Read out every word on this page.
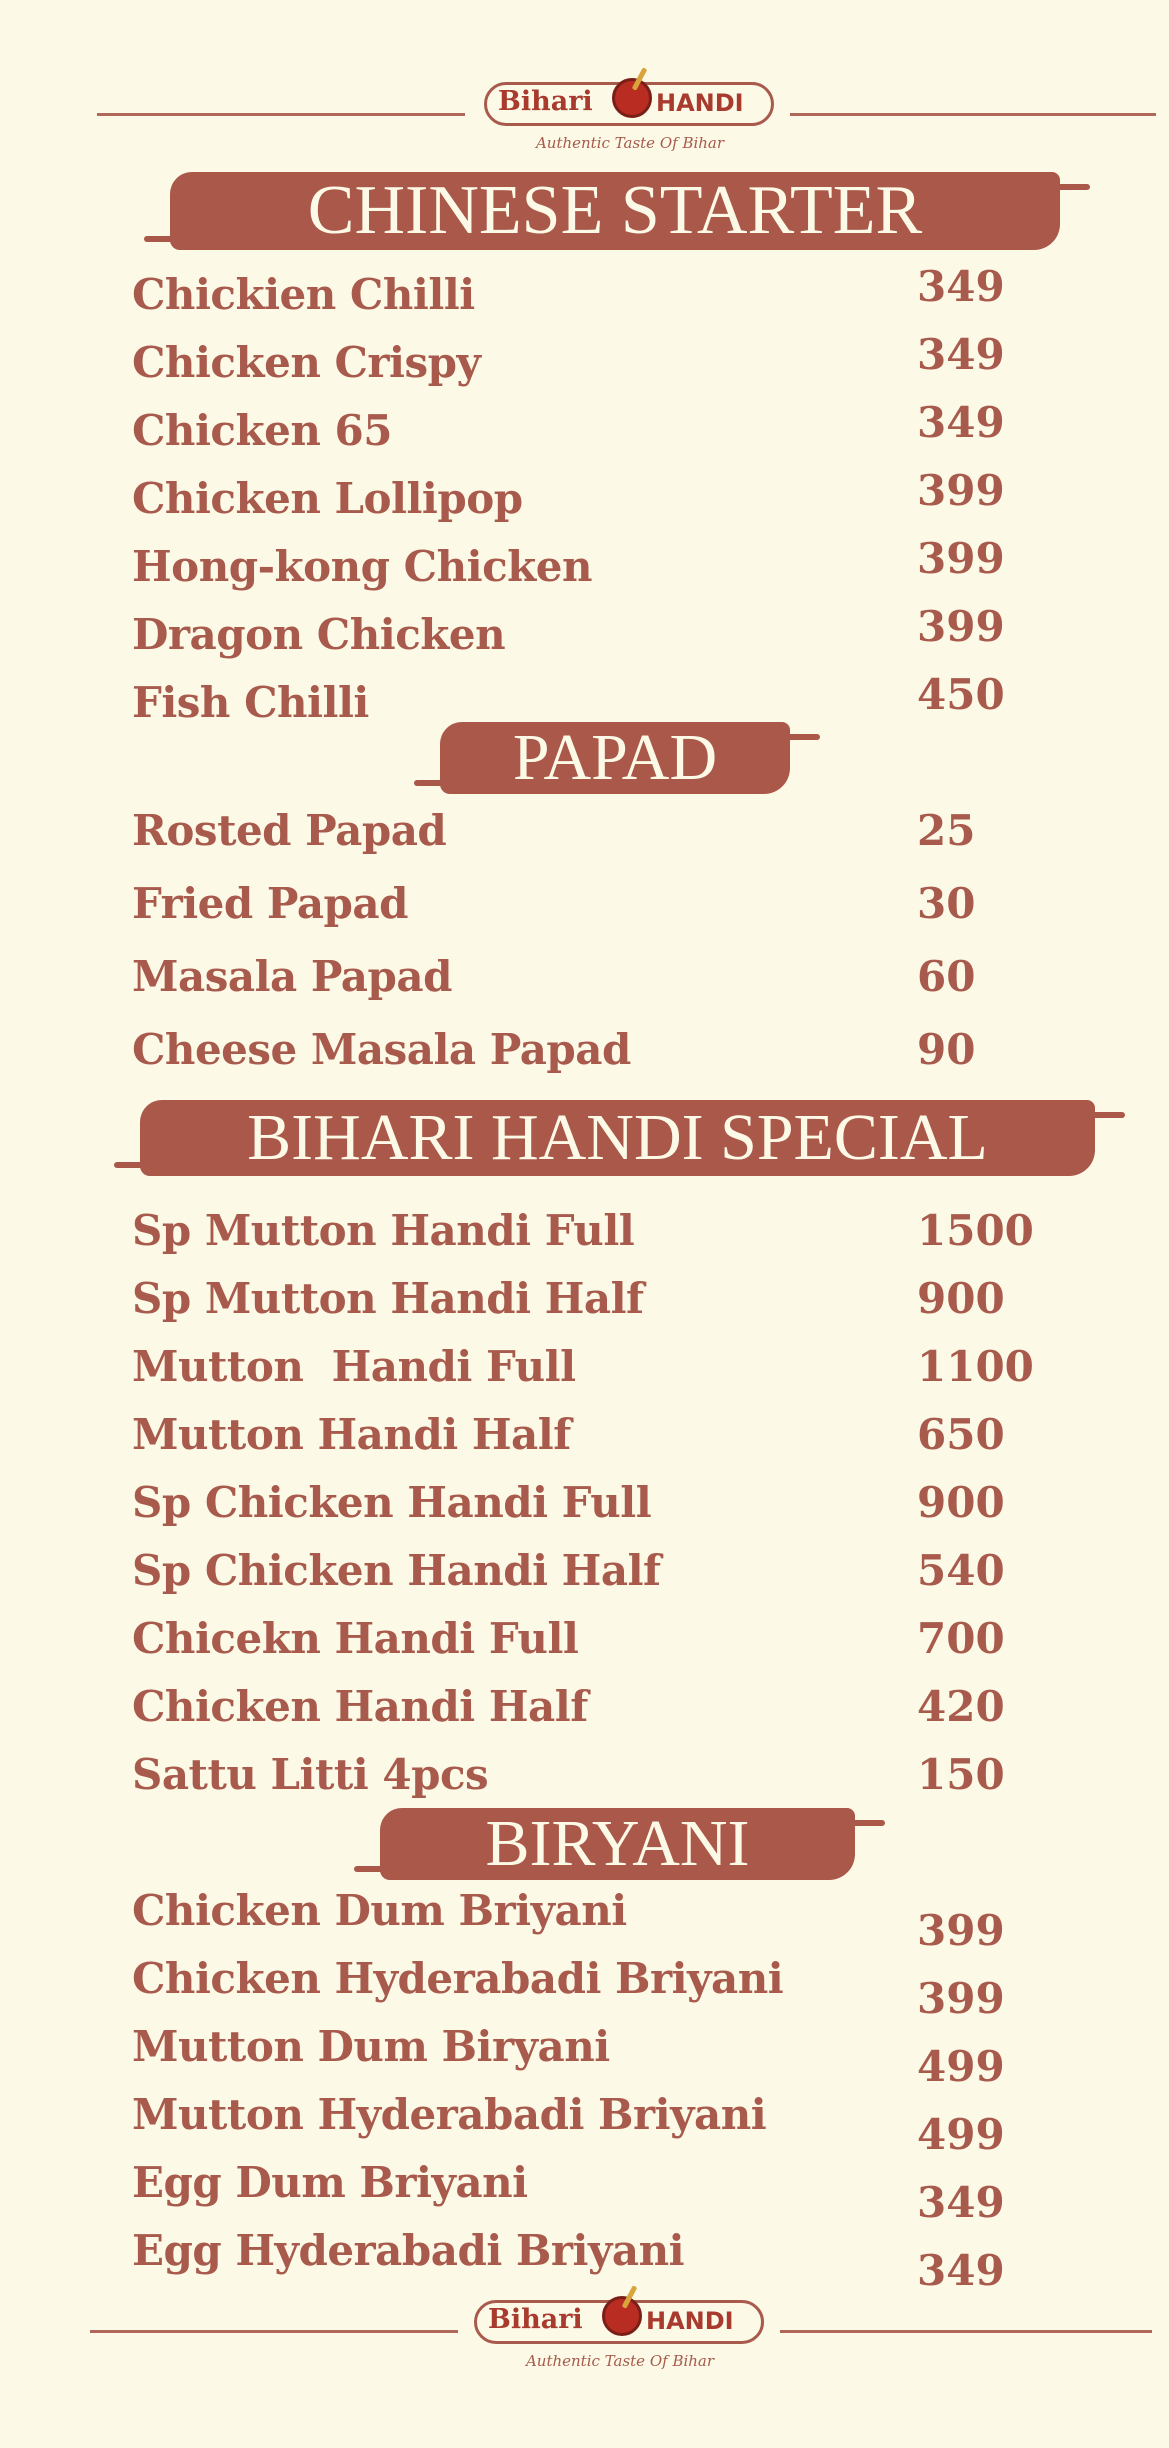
Bihari	HANDI
Authentic Taste Of Bihar
CHINESE STARTER
Chickien Chilli	349
Chicken Crispy	349
Chicken 65	349
Chicken Lollipop	399
Hong-kong Chicken	399
Dragon Chicken	399
Fish Chilli	450
PAPAD
Rosted Papad	25
Fried Papad	30
Masala Papad	60
Cheese Masala Papad	90
BIHARI HANDI SPECIAL
Sp Mutton Handi Full	1500
Sp Mutton Handi Half	900
Mutton  Handi Full	1100
Mutton Handi Half	650
Sp Chicken Handi Full	900
Sp Chicken Handi Half	540
Chicekn Handi Full	700
Chicken Handi Half	420
Sattu Litti 4pcs	150
BIRYANI
Chicken Dum Briyani	399
Chicken Hyderabadi Briyani	399
Mutton Dum Biryani	499
Mutton Hyderabadi Briyani	499
Egg Dum Briyani	349
Egg Hyderabadi Briyani	349
Bihari	HANDI
Authentic Taste Of Bihar
